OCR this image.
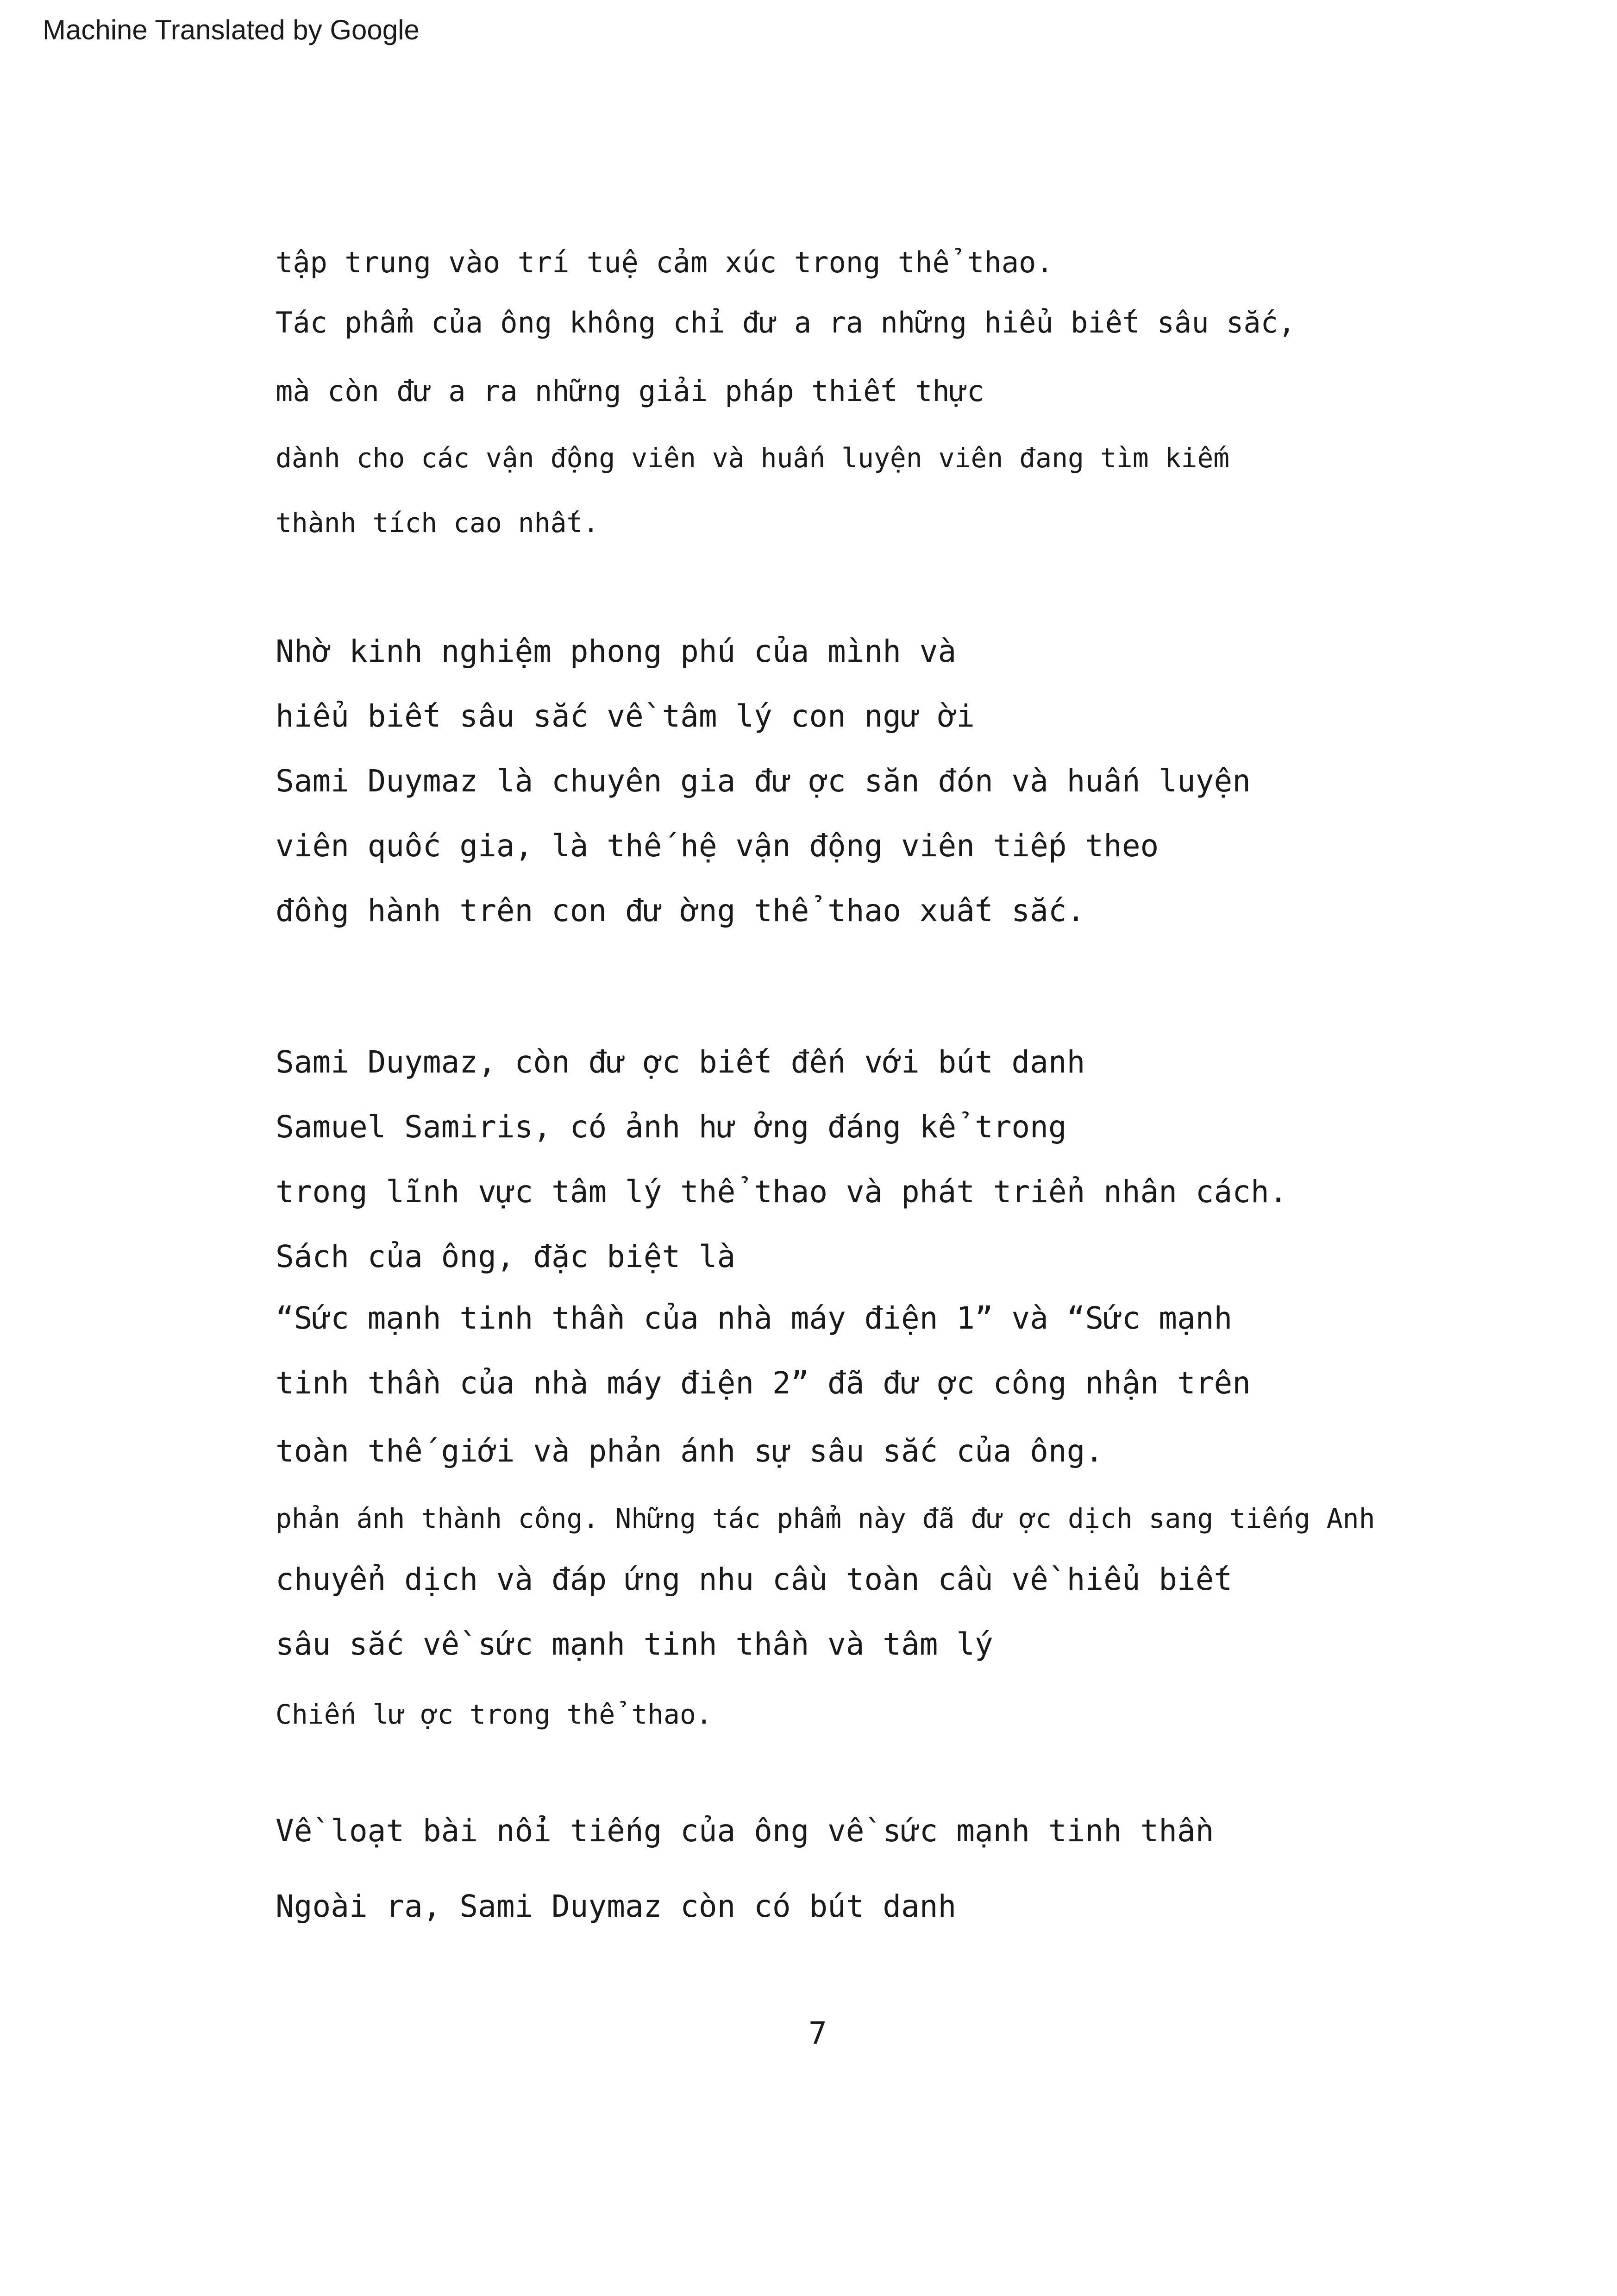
Machine Translated by Google
tập trung vào trí tuệ cảm xúc trong thể thao.
Tác phẩm của ông không chỉ đư a ra những hiểu biết sâu sắc,
mà còn đư a ra những giải pháp thiết thực
dành cho các vận động viên và huấn luyện viên đang tìm kiếm
thành tích cao nhất.
Nhờ kinh nghiệm phong phú của mình và
hiểu biết sâu sắc về tâm lý con ngư ời
Sami Duymaz là chuyên gia đư ợc săn đón và huấn luyện
viên quốc gia, là thế hệ vận động viên tiếp theo
đồng hành trên con đư ờng thể thao xuất sắc.
Sami Duymaz, còn đư ợc biết đến với bút danh
Samuel Samiris, có ảnh hư ởng đáng kể trong
trong lĩnh vực tâm lý thể thao và phát triển nhân cách.
Sách của ông, đặc biệt là
“Sức mạnh tinh thần của nhà máy điện 1” và “Sức mạnh
tinh thần của nhà máy điện 2” đã đư ợc công nhận trên
toàn thế giới và phản ánh sự sâu sắc của ông.
phản ánh thành công. Những tác phẩm này đã đư ợc dịch sang tiếng Anh
chuyển dịch và đáp ứng nhu cầu toàn cầu về hiểu biết
sâu sắc về sức mạnh tinh thần và tâm lý
Chiến lư ợc trong thể thao.
Về loạt bài nổi tiếng của ông về sức mạnh tinh thần
Ngoài ra, Sami Duymaz còn có bút danh
7
